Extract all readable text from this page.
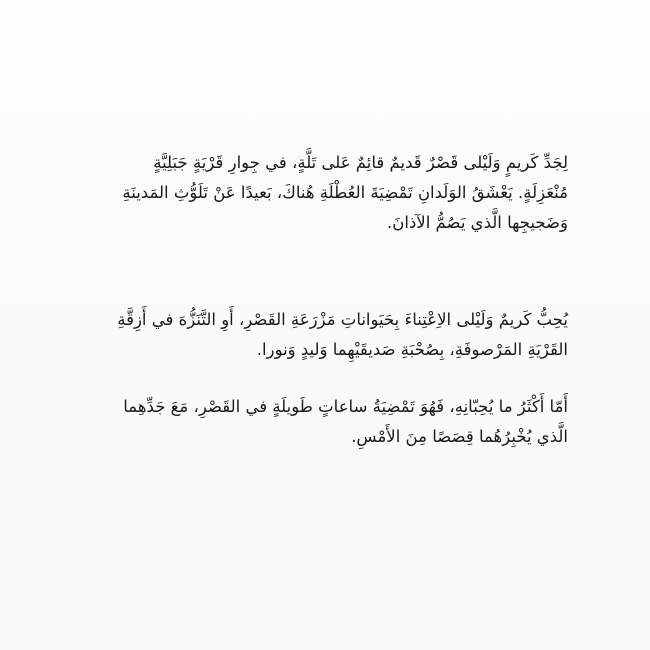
لِجَدِّ كَريمٍ وَلَيْلى قَصْرٌ قَديمٌ قائِمٌ عَلى تَلَّةٍ، في جِوارِ قَرْيَةٍ جَبَلِيَّةٍ
مُنْعَزِلَةٍ. يَعْشَقُ الوَلَدانِ تَمْضِيَةَ العُطْلَةِ هُناكَ، بَعيدًا عَنْ تَلَوُّثِ المَدينَةِ
وَضَجيجِها الَّذي يَصُمُّ الآذانَ.
يُحِبُّ كَريمٌ وَلَيْلى الاِعْتِناءَ بِحَيَواناتِ مَزْرَعَةِ القَصْرِ، أَوِ التَّنَزُّهَ في أَزِقَّةِ
القَرْيَةِ المَرْصوفَةِ، بِصُحْبَةِ صَديقَيْهِما وَليدٍ وَنورا.
أَمّا أَكْثَرُ ما يُحِبّانِهِ، فَهُوَ تَمْضِيَةُ ساعاتٍ طَويلَةٍ في القَصْرِ، مَعَ جَدِّهِما
الَّذي يُخْبِرُهُما قِصَصًا مِنَ الأَمْسِ.
